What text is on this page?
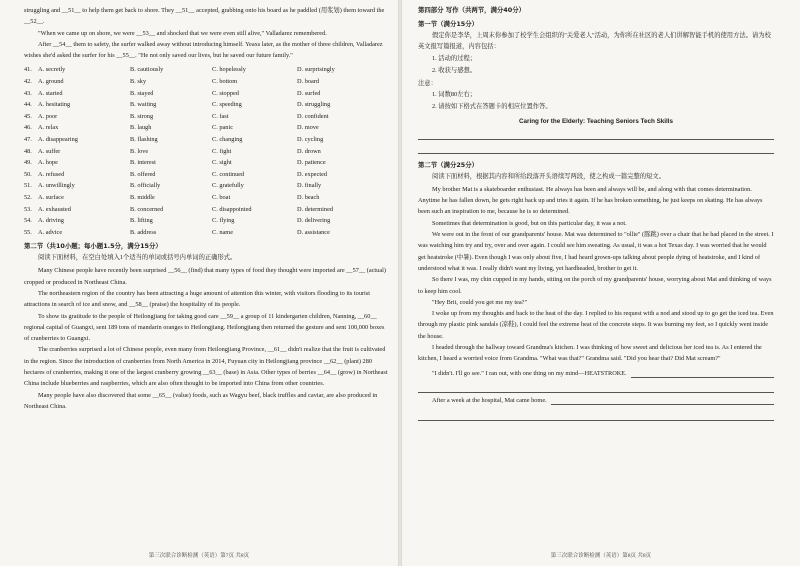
struggling and __51__ to help them get back to shore. They __51__ accepted, grabbing onto his board as he paddled (用浆划) them toward the __52__.

"When we came up on shore, we were __53__ and shocked that we were even still alive," Valladarez remembered.

After __54__ them to safety, the surfer walked away without introducing himself. Yeaxs later, as the mother of three children, Valladarez wishes she'd asked the surfer for his __55__. "He not only saved our lives, but he saved our future family."

41. A. secretly	B. cautiously	C. hopelessly	D. surprisingly
42. A. ground	B. sky	C. bottom	D. board
43. A. started	B. stayed	C. stopped	D. surfed
44. A. hesitating	B. waiting	C. speeding	D. struggling
45. A. poor	B. strong	C. fast	D. confident
46. A. relax	B. laugh	C. panic	D. move
47. A. disappearing	B. flashing	C. changing	D. cycling
48. A. suffer	B. love	C. fight	D. drown
49. A. hope	B. interest	C. sight	D. patience
50. A. refused	B. offered	C. continued	D. expected
51. A. unwillingly	B. officially	C. gratefully	D. finally
52. A. surface	B. middle	C. boat	D. beach
53. A. exhausted	B. concerned	C. disappointed	D. determined
54. A. driving	B. lifting	C. flying	D. delivering
55. A. advice	B. address	C. name	D. assistance

第二节（共10小题；每小题1.5分，满分15分）

阅读下面材料，在空白处填入1个适当的单词或括号内单词的正确形式。

Many Chinese people have recently been surprised __56__ (find) that many types of food they thought were imported are __57__ (actual) cropped or produced in Northeast China.

The northeastern region of the country has been attracting a huge amount of attention this winter, with visitors flooding to its tourist attractions in search of ice and snow, and __58__ (praise) the hospitality of its people.

To show its gratitude to the people of Heilongjiang for taking good care __59__ a group of 11 kindergarten children, Nanning, __60__ regional capital of Guangxi, sent 189 tons of mandarin oranges to Heilongjiang. Heilongjiang then returned the gesture and sent 100,000 boxes of cranberries to Guangxi.

The cranberries surprised a lot of Chinese people, even many from Heilongjiang Province, __61__ didn't realize that the fruit is cultivated in the region. Since the introduction of cranberries from North America in 2014, Fuyuan city in Heilongjiang province __62__ (plant) 280 hectares of cranberries, making it one of the largest cranberry growing __63__ (base) in Asia. Other types of berries __64__ (grow) in Northeast China include blueberries and raspberries, which are also often thought to be imported into China from other countries.

Many people have also discovered that some __65__ (value) foods, such as Wagyu beef, black truffles and caviar, are also produced in Northeast China.

第三次联合诊断检测（英语）第7页 共8页

第四部分 写作（共两节，满分40分）

第一节（满分15分）

假定你是李华，上周末你参加了校学生会组织的"关爱老人"活动，为你所在社区的老人们讲解智能手机的使用方法。请为校英文报写篇报道，内容包括：

1. 活动的过程；

2. 收获与感想。

注意：

1. 词数80左右；

2. 请按如下格式在答题卡的相应位置作答。

Caring for the Elderly: Teaching Seniors Tech Skills

第二节（满分25分）

阅读下面材料，根据其内容和所给段落开头语续写两段，使之构成一篇完整的短文。

My brother Mat is a skateboarder enthusiast. He always has been and always will be, and along with that comes determination. Anytime he has fallen down, he gets right back up and tries it again. If he has broken something, he just keeps on skating. He has always been such an inspiration to me, because he is so determined.

Sometimes that determination is good, but on this particular day, it was a not.

We were out in the front of our grandparents' house. Mat was determined to "ollie" (豚跳) over a chair that he had placed in the street. I was watching him try and try, over and over again. I could see him sweating. As usual, it was a hot Texas day. I was worried that he would get heatstroke (中暑). Even though I was only about five, I had heard grown-ups talking about people dying of heatstroke, and I kind of understood what it was. I really didn't want my living, yet hardheaded, brother to get it.

So there I was, my chin cupped in my hands, sitting on the porch of my grandparents' house, worrying about Mat and thinking of ways to keep him cool.

"Hey Brit, could you get me my tea?"

I woke up from my thoughts and back to the heat of the day. I replied to his request with a nod and stood up to go get the iced tea. Even through my plastic pink sandals (凉鞋), I could feel the extreme heat of the concrete steps. It was burning my feet, so I quickly went inside the house.

I headed through the hallway toward Grandma's kitchen. I was thinking of how sweet and delicious her iced tea is. As I entered the kitchen, I heard a worried voice from Grandma. "What was that?" Grandma said. "Did you hear that? Did Mat scream?"

"I didn't. I'll go see." I ran out, with one thing on my mind—HEATSTROKE.
After a week at the hospital, Mat came home.
第三次联合诊断检测（英语）第8页 共8页
